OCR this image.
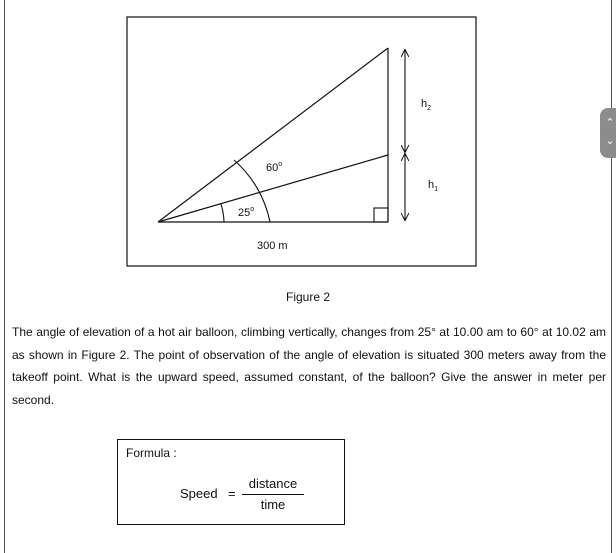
60$^o$
25$^o$
300 m
$h_2$
$h_1$
Figure 2
The angle of elevation of a hot air balloon, climbing vertically, changes from 25° at 10.00 am to 60° at 10.02 am as shown in Figure 2. The point of observation of the angle of elevation is situated 300 meters away from the takeoff point. What is the upward speed, assumed constant, of the balloon? Give the answer in meter per second.
Formula :
Speed =
distance
time
⌃
⌄
